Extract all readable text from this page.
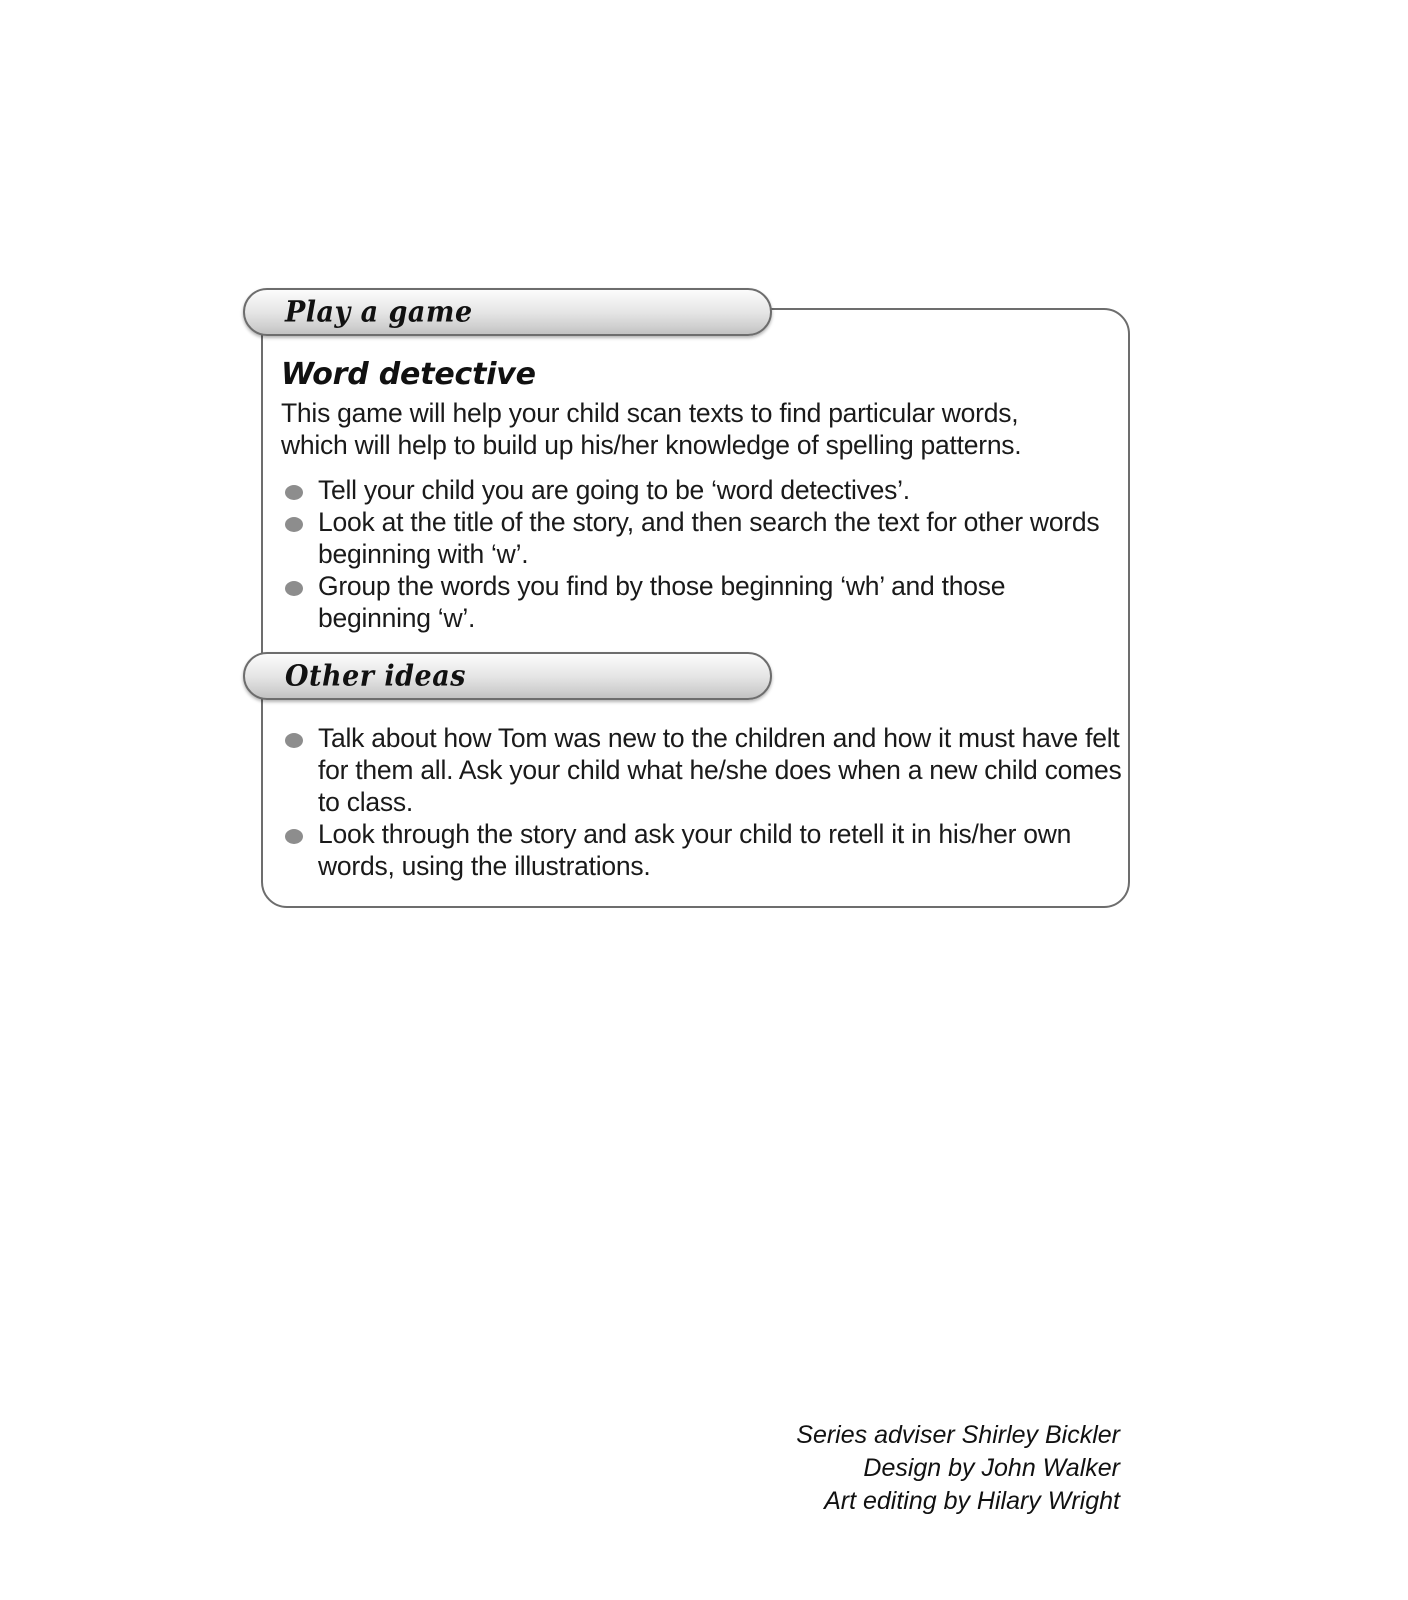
Word detective

This game will help your child scan texts to find particular words, which will help to build up his/her knowledge of spelling patterns.

Tell your child you are going to be ‘word detectives’.
Look at the title of the story, and then search the text for other words beginning with ‘w’.
Group the words you find by those beginning ‘wh’ and those beginning ‘w’.
Talk about how Tom was new to the children and how it must have felt for them all. Ask your child what he/she does when a new child comes to class.
Look through the story and ask your child to retell it in his/her own words, using the illustrations.
Play a game
Other ideas
Series adviser Shirley Bickler
Design by John Walker
Art editing by Hilary Wright
